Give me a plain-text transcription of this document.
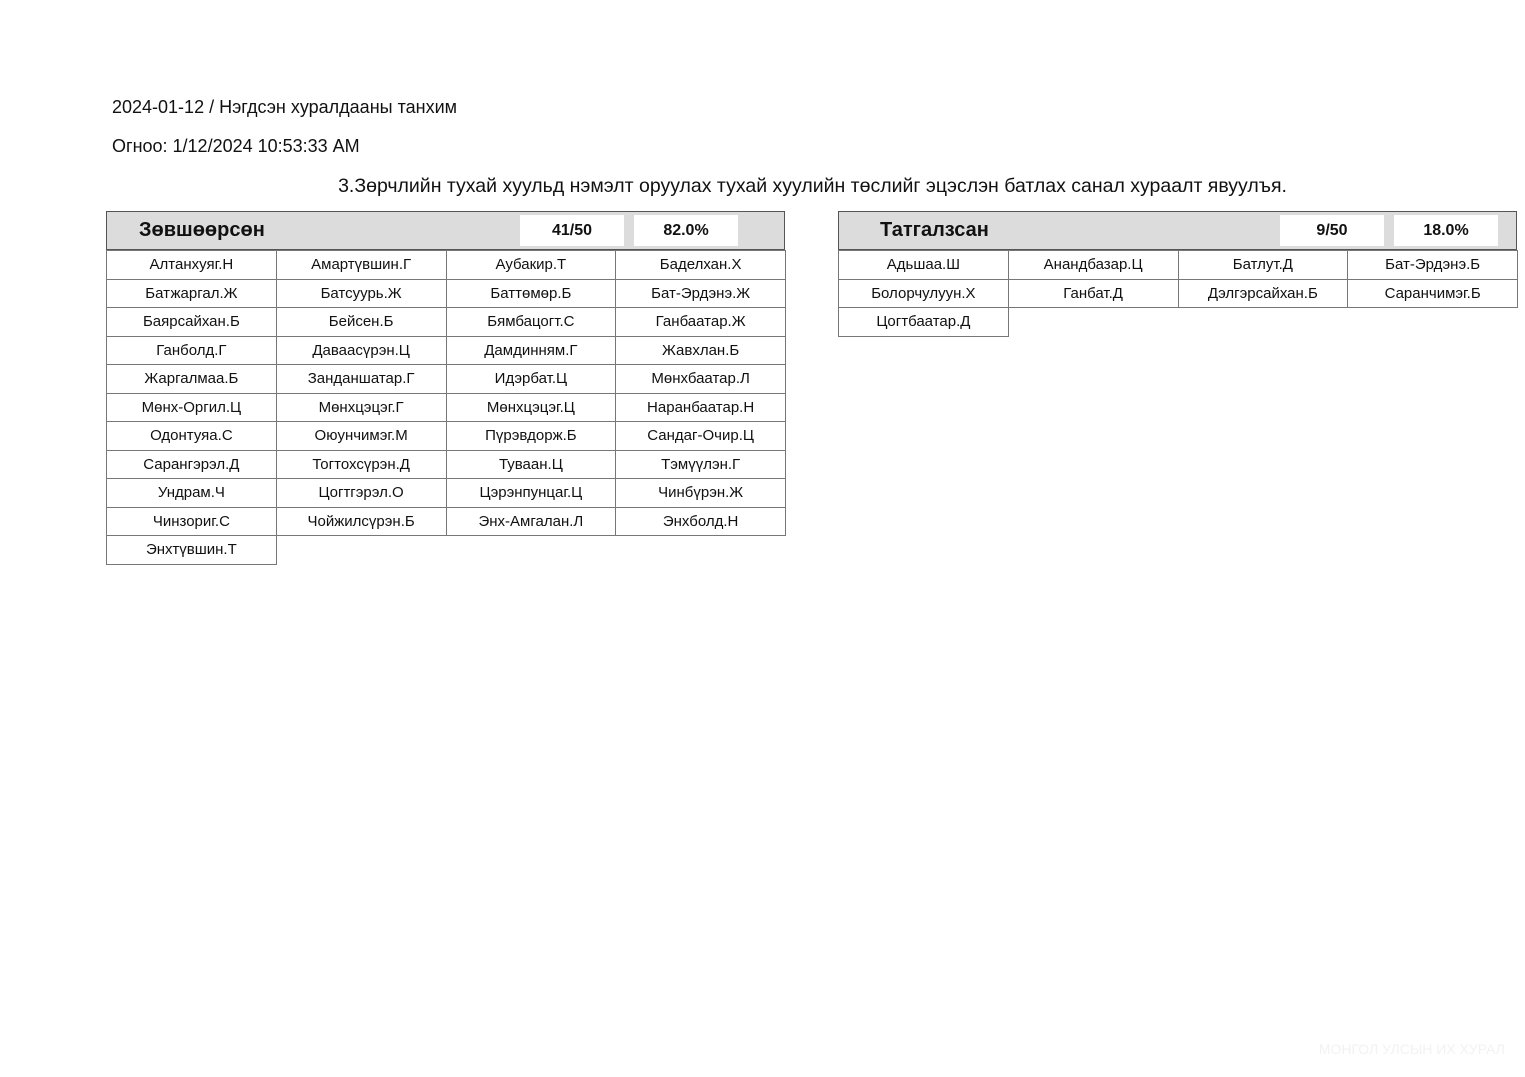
2024-01-12 / Нэгдсэн хуралдааны танхим
Огноо: 1/12/2024 10:53:33 AM
3.Зөрчлийн тухай хуульд нэмэлт оруулах тухай хуулийн төслийг эцэслэн батлах санал хураалт явуулъя.
Зөвшөөрсөн	41/50	82.0%
Алтанхуяг.Н	Амартүвшин.Г	Аубакир.Т	Баделхан.Х
Батжаргал.Ж	Батсуурь.Ж	Баттөмөр.Б	Бат-Эрдэнэ.Ж
Баярсайхан.Б	Бейсен.Б	Бямбацогт.С	Ганбаатар.Ж
Ганболд.Г	Даваасүрэн.Ц	Дамдинням.Г	Жавхлан.Б
Жаргалмаа.Б	Занданшатар.Г	Идэрбат.Ц	Мөнхбаатар.Л
Мөнх-Оргил.Ц	Мөнхцэцэг.Г	Мөнхцэцэг.Ц	Наранбаатар.Н
Одонтуяа.С	Оюунчимэг.М	Пүрэвдорж.Б	Сандаг-Очир.Ц
Сарангэрэл.Д	Тогтохсүрэн.Д	Туваан.Ц	Тэмүүлэн.Г
Ундрам.Ч	Цогтгэрэл.О	Цэрэнпунцаг.Ц	Чинбүрэн.Ж
Чинзориг.С	Чойжилсүрэн.Б	Энх-Амгалан.Л	Энхболд.Н
Энхтүвшин.Т
Татгалзсан	9/50	18.0%
Адьшаа.Ш	Анандбазар.Ц	Батлут.Д	Бат-Эрдэнэ.Б
Болорчулуун.Х	Ганбат.Д	Дэлгэрсайхан.Б	Саранчимэг.Б
Цогтбаатар.Д
МОНГОЛ УЛСЫН ИХ ХУРАЛ
